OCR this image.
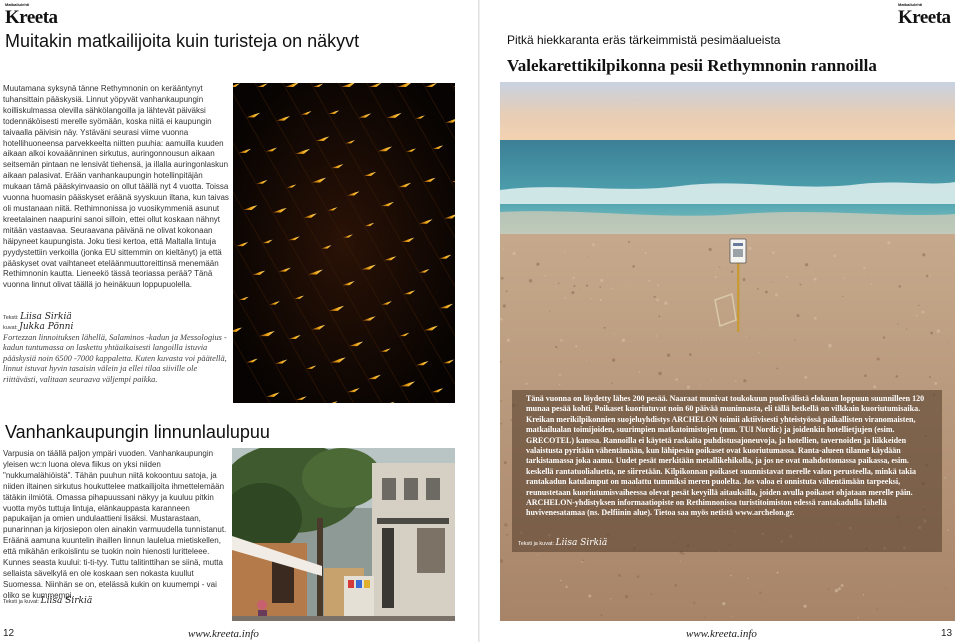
Matkailulehti
Kreeta
Muitakin matkailijoita kuin turisteja on näkyvt
Muutamana syksynä tänne Rethymnonin on kerääntynyt tuhansittain pääskysiä. Linnut yöpyvät vanhankaupungin koilliskulmassa olevilla sähkölangoilla ja lähtevät päiväksi todennäköisesti merelle syömään, koska niitä ei kaupungin taivaalla päivisin näy. Ystäväni seurasi viime vuonna hotellihuoneensa parvekkeelta niitten puuhia: aamuilla kuuden aikaan alkoi kovaäänninen sirkutus, auringonnousun aikaan seitsemän pintaan ne lensivät tiehensä, ja illalla auringonlaskun aikaan palasivat. Erään vanhankaupungin hotellinpitäjän mukaan tämä pääskyinvaasio on ollut täällä nyt 4 vuotta. Toissa vuonna huomasin pääskyset eräänä syyskuun iltana, kun taivas oli mustanaan niitä. Rethimnonissa jo vuosikymmeniä asunut kreetalainen naapurini sanoi silloin, ettei ollut koskaan nähnyt mitään vastaavaa. Seuraavana päivänä ne olivat kokonaan häipyneet kaupungista. Joku tiesi kertoa, että Maltalla lintuja pyydystettiin verkoilla (jonka EU sittemmin on kieltänyt) ja että pääskyset ovat vaihtaneet eteläänmuuttoreittinsä menemään Rethimnonin kautta. Lieneekö tässä teoriassa perää? Tänä vuonna linnut olivat täällä jo heinäkuun loppupuolella.
Teksti: Liisa Sirkiä
kuvat: Jukka Pönni
Fortezzan linnoituksen lähellä, Salaminos -kadun ja Messologius -kadun tuntumassa on laskettu yhtäaikaisesti langoilla istuvia pääskysiä noin 6500 -7000 kappaletta. Kuten kuvasta voi päätellä, linnut istuvat hyvin tasaisin välein ja ellei tilaa siiville ole riittävästi, valitaan seuraava väljempi paikka.
Vanhankaupungin linnunlaulupuu
Varpusia on täällä paljon ympäri vuoden. Vanhankaupungin yleisen wc:n luona oleva fiikus on yksi niiden "nukkumalähiöistä". Tähän puuhun niitä kokoontuu satoja, ja niiden iltainen sirkutus houkuttelee matkailijoita ihmettelemään tätäkin ilmiötä. Omassa pihapuussani näkyy ja kuuluu pitkin vuotta myös tuttuja lintuja, elänkauppasta karanneen papukaijan ja omien undulaattieni lisäksi. Mustarastaan, punarinnan ja kirjosiepon olen ainakin varmuudella tunnistanut. Eräänä aamuna kuuntelin ihaillen linnun laulelua mietiskellen, että mikähän erikoislintu se tuokin noin hienosti luritteleee. Kunnes seasta kuului: ti-ti-tyy. Tuttu talitinttihan se siinä, mutta sellaista sävelkylä en ole koskaan sen nokasta kuullut Suomessa. Niinhän se on, etelässä kukin on kuumempi - vai oliko se kummempi.
Teksti ja kuvat: Liisa Sirkiä
12	www.kreeta.info
Matkailulehti
Kreeta
Pitkä hiekkaranta eräs tärkeimmistä pesimäalueista
Valekarettikilpikonna pesii Rethymnonin rannoilla
Tänä vuonna on löydetty lähes 200 pesää. Naaraat munivat toukokuun puolivälistä elokuun loppuun suunnilleen 120 munaa pesää kohti. Poikaset kuoriutuvat noin 60 päivää muninnasta, eli tällä hetkellä on vilkkain kuoriutumisaika. Kreikan merikilpikonnien suojeluyhdistys ARCHELON toimii aktiivisesti yhteistyössä paikallisten viranomaisten, matkailualan toimijoiden, suurimpien matkatoimistojen (mm. TUI Nordic) ja joidenkin hotellietjujen (esim. GRECOTEL) kanssa. Rannoilla ei käytetä raskaita puhdistusajoneuvoja, ja hotellien, tavernoiden ja liikkeiden valaistusta pyritään vähentämään, kun lähipesän poikaset ovat kuoriutumassa. Ranta-alueen tilanne käydään tarkistamassa joka aamu. Uudet pesät merkitään metallikehikolla, ja jos ne ovat mahdottomassa paikassa, esim. keskellä rantatuolialuetta, ne siirretään. Kilpikonnan poikaset suunnistavat merelle valon perusteella, minkä takia rantakadun katulamput on maalattu tummiksi meren puolelta. Jos valoa ei onnistuta vähentämään tarpeeksi, reunustetaan kuoriutumisvaiheessa olevat pesät kevyillä aitauksilla, joiden avulla poikaset ohjataan merelle päin. ARCHELON-yhdistyksen informaatiopiste on Rethimnonissa turistitoimiston edessä rantakadulla lähellä huvivenesatamaa (ns. Delfiinin alue). Tietoa saa myös netistä www.archelon.gr.
Teksti ja kuvat: Liisa Sirkiä
13
www.kreeta.info
